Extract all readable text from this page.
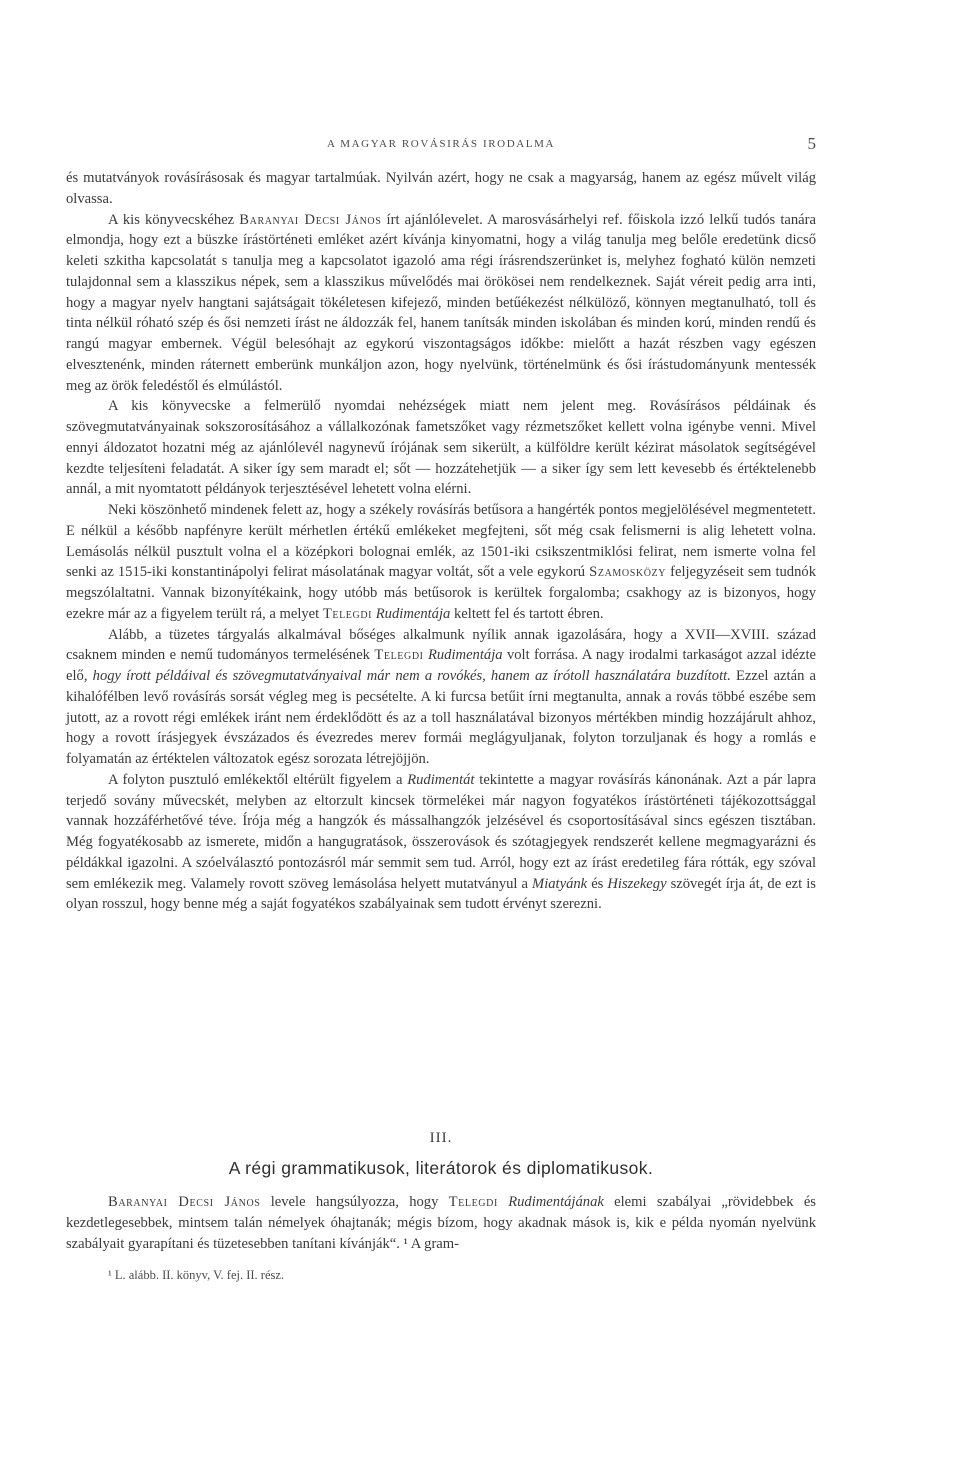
A MAGYAR ROVÁSIRÁS IRODALMA	5

és mutatványok rovásírásosak és magyar tartalmúak. Nyilván azért, hogy ne csak a magyarság, hanem az egész művelt világ olvassa.

A kis könyvecskéhez Baranyai Decsi János írt ajánlólevelet. A marosvásárhelyi ref. főiskola izzó lelkű tudós tanára elmondja, hogy ezt a büszke írástörténeti emléket azért kívánja kinyomatni, hogy a világ tanulja meg belőle eredetünk dicső keleti szkitha kapcsolatát s tanulja meg a kapcsolatot igazoló ama régi írásrendszerünket is, melyhez fogható külön nemzeti tulajdonnal sem a klasszikus népek, sem a klasszikus művelődés mai örökösei nem rendelkeznek. Saját véreit pedig arra inti, hogy a magyar nyelv hangtani sajátságait tökéletesen kifejező, minden betűékezést nélkülöző, könnyen megtanulható, toll és tinta nélkül róható szép és ősi nemzeti írást ne áldozzák fel, hanem tanítsák minden iskolában és minden korú, minden rendű és rangú magyar embernek. Végül belesóhajt az egykorú viszontagságos időkbe: mielőtt a hazát részben vagy egészen elvesztenénk, minden ráternett emberünk munkáljon azon, hogy nyelvünk, történelmünk és ősi írástudományunk mentessék meg az örök feledéstől és elmúlástól.

A kis könyvecske a felmerülő nyomdai nehézségek miatt nem jelent meg. Rovásírásos példáinak és szövegmutatványainak sokszorosításához a vállalkozónak fametszőket vagy rézmetszőket kellett volna igénybe venni. Mivel ennyi áldozatot hozatni még az ajánlólevél nagynevű írójának sem sikerült, a külföldre került kézirat másolatok segítségével kezdte teljesíteni feladatát. A siker így sem maradt el; sőt — hozzátehetjük — a siker így sem lett kevesebb és értéktelenebb annál, a mit nyomtatott példányok terjesztésével lehetett volna elérni.

Neki köszönhető mindenek felett az, hogy a székely rovásírás betűsora a hangérték pontos megjelölésével megmentetett. E nélkül a később napfényre került mérhetlen értékű emlékeket megfejteni, sőt még csak felismerni is alig lehetett volna. Lemásolás nélkül pusztult volna el a középkori bolognai emlék, az 1501-iki csikszentmiklósi felirat, nem ismerte volna fel senki az 1515-iki konstantinápolyi felirat másolatának magyar voltát, sőt a vele egykorú Szamosközy feljegyzéseit sem tudnók megszólaltatni. Vannak bizonyítékaink, hogy utóbb más betűsorok is kerültek forgalomba; csakhogy az is bizonyos, hogy ezekre már az a figyelem terült rá, a melyet Telegdi Rudimentája keltett fel és tartott ébren.

Alább, a tüzetes tárgyalás alkalmával bőséges alkalmunk nyílik annak igazolására, hogy a XVII—XVIII. század csaknem minden e nemű tudományos termelésének Telegdi Rudimentája volt forrása. A nagy irodalmi tarkaságot azzal idézte elő, hogy írott példáival és szövegmutatványaival már nem a rovókés, hanem az írótoll használatára buzdított. Ezzel aztán a kihalófélben levő rovásírás sorsát végleg meg is pecsételte. A ki furcsa betűit írni megtanulta, annak a rovás többé eszébe sem jutott, az a rovott régi emlékek iránt nem érdeklődött és az a toll használatával bizonyos mértékben mindig hozzájárult ahhoz, hogy a rovott írásjegyek évszázados és évezredes merev formái meglágyuljanak, folyton torzuljanak és hogy a romlás e folyamatán az értéktelen változatok egész sorozata létrejöjjön.

A folyton pusztuló emlékektől eltérült figyelem a Rudimentát tekintette a magyar rovásírás kánonának. Azt a pár lapra terjedő sovány művecskét, melyben az eltorzult kincsek törmelékei már nagyon fogyatékos írástörténeti tájékozottsággal vannak hozzáférhetővé téve. Írója még a hangzók és mássalhangzók jelzésével és csoportosításával sincs egészen tisztában. Még fogyatékosabb az ismerete, midőn a hangugratások, összerovások és szótagjegyek rendszerét kellene megmagyarázni és példákkal igazolni. A szóelválasztó pontozásról már semmit sem tud. Arról, hogy ezt az írást eredetileg fára rótták, egy szóval sem emlékezik meg. Valamely rovott szöveg lemásolása helyett mutatványul a Miatyánk és Hiszekegy szövegét írja át, de ezt is olyan rosszul, hogy benne még a saját fogyatékos szabályainak sem tudott érvényt szerezni.

III.
A régi grammatikusok, literátorok és diplomatikusok.

Baranyai Decsi János levele hangsúlyozza, hogy Telegdi Rudimentájának elemi szabályai „rövidebbek és kezdetlegesebbek, mintsem talán némelyek óhajtanák; mégis bízom, hogy akadnak mások is, kik e példa nyomán nyelvünk szabályait gyarapítani és tüzetesebben tanítani kívánják“. ¹ A gram-

¹ L. alább. II. könyv, V. fej. II. rész.
